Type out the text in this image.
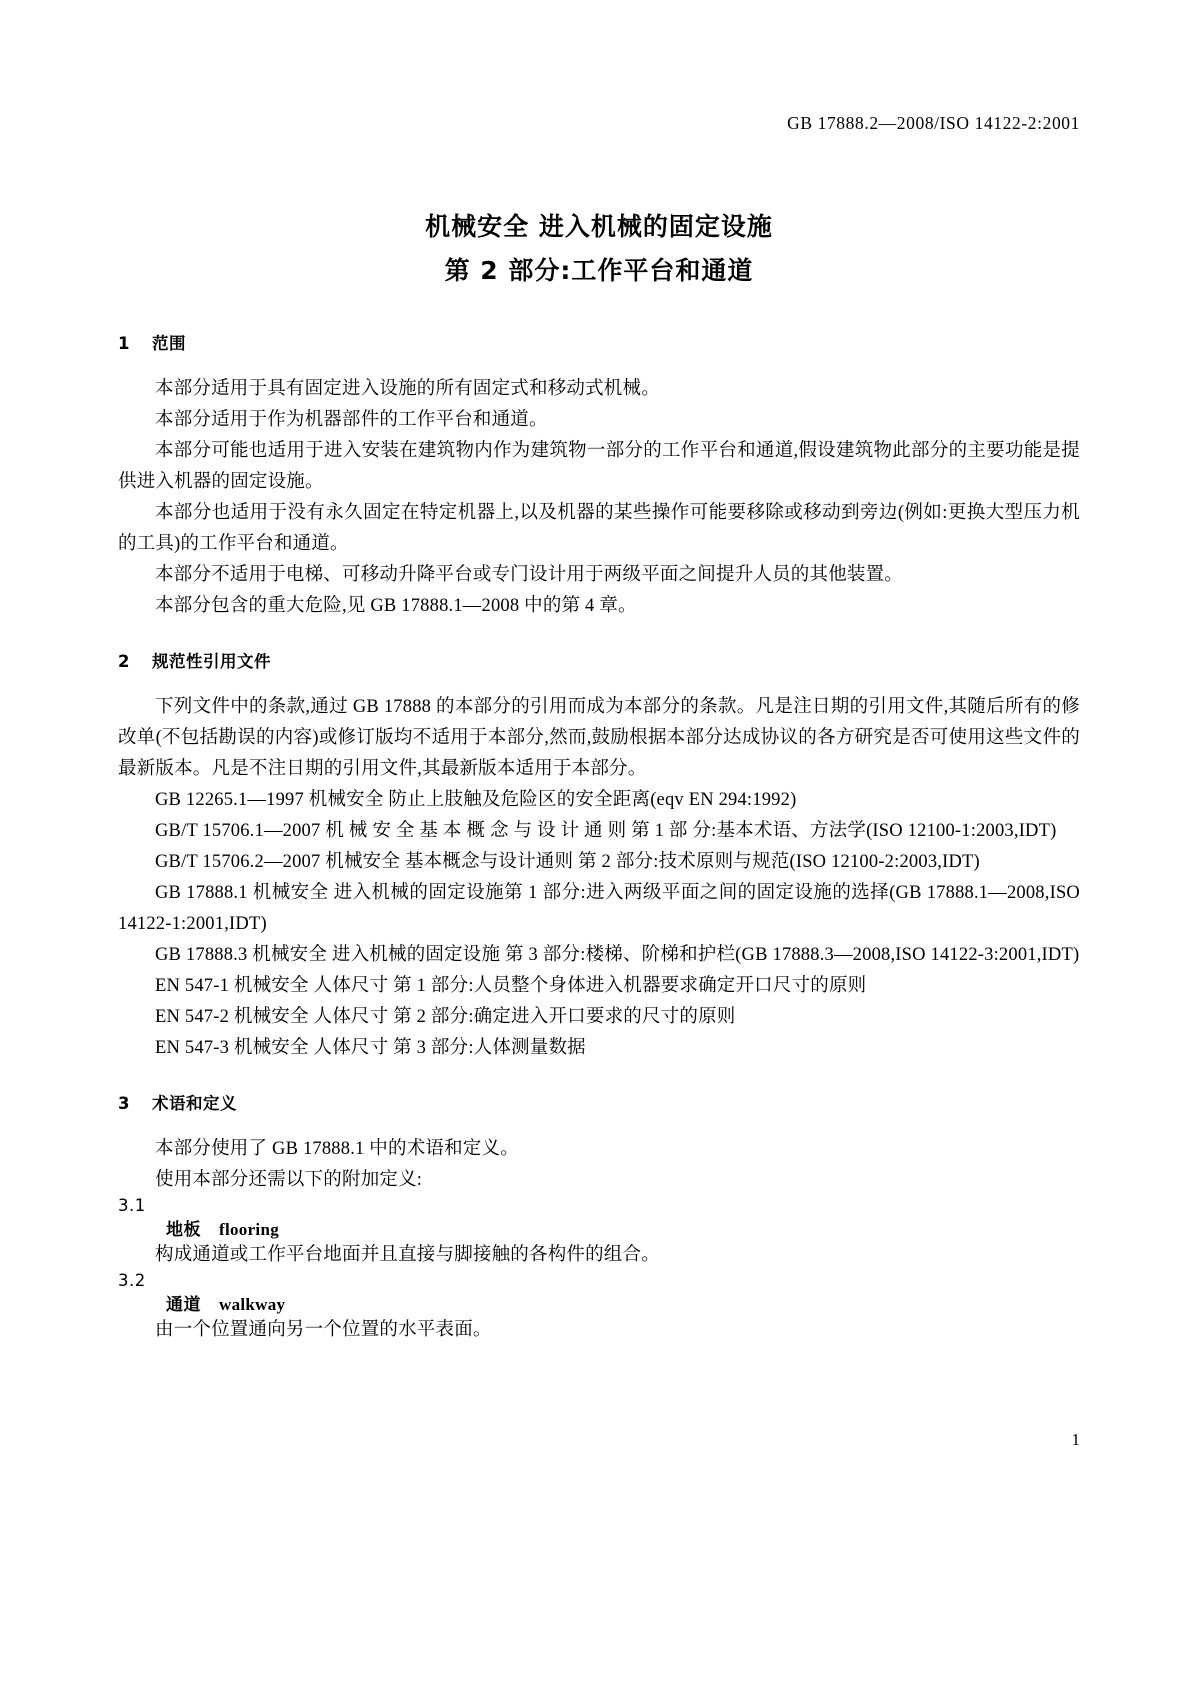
GB 17888.2—2008/ISO 14122-2:2001
机械安全 进入机械的固定设施
第 2 部分:工作平台和通道
1 范围

本部分适用于具有固定进入设施的所有固定式和移动式机械。

本部分适用于作为机器部件的工作平台和通道。

本部分可能也适用于进入安装在建筑物内作为建筑物一部分的工作平台和通道,假设建筑物此部分的主要功能是提供进入机器的固定设施。

本部分也适用于没有永久固定在特定机器上,以及机器的某些操作可能要移除或移动到旁边(例如:更换大型压力机的工具)的工作平台和通道。

本部分不适用于电梯、可移动升降平台或专门设计用于两级平面之间提升人员的其他装置。

本部分包含的重大危险,见 GB 17888.1—2008 中的第 4 章。

2 规范性引用文件

下列文件中的条款,通过 GB 17888 的本部分的引用而成为本部分的条款。凡是注日期的引用文件,其随后所有的修改单(不包括勘误的内容)或修订版均不适用于本部分,然而,鼓励根据本部分达成协议的各方研究是否可使用这些文件的最新版本。凡是不注日期的引用文件,其最新版本适用于本部分。

GB 12265.1—1997 机械安全 防止上肢触及危险区的安全距离(eqv EN 294:1992)

GB/T 15706.1—2007 机 械 安 全 基 本 概 念 与 设 计 通 则 第 1 部 分:基本术语、方法学(ISO 12100-1:2003,IDT)

GB/T 15706.2—2007 机械安全 基本概念与设计通则 第 2 部分:技术原则与规范(ISO 12100-2:2003,IDT)

GB 17888.1 机械安全 进入机械的固定设施第 1 部分:进入两级平面之间的固定设施的选择(GB 17888.1—2008,ISO 14122-1:2001,IDT)

GB 17888.3 机械安全 进入机械的固定设施 第 3 部分:楼梯、阶梯和护栏(GB 17888.3—2008,ISO 14122-3:2001,IDT)

EN 547-1 机械安全 人体尺寸 第 1 部分:人员整个身体进入机器要求确定开口尺寸的原则

EN 547-2 机械安全 人体尺寸 第 2 部分:确定进入开口要求的尺寸的原则

EN 547-3 机械安全 人体尺寸 第 3 部分:人体测量数据

3 术语和定义

本部分使用了 GB 17888.1 中的术语和定义。

使用本部分还需以下的附加定义:

3.1

地板 flooring

构成通道或工作平台地面并且直接与脚接触的各构件的组合。

3.2

通道 walkway

由一个位置通向另一个位置的水平表面。

1
